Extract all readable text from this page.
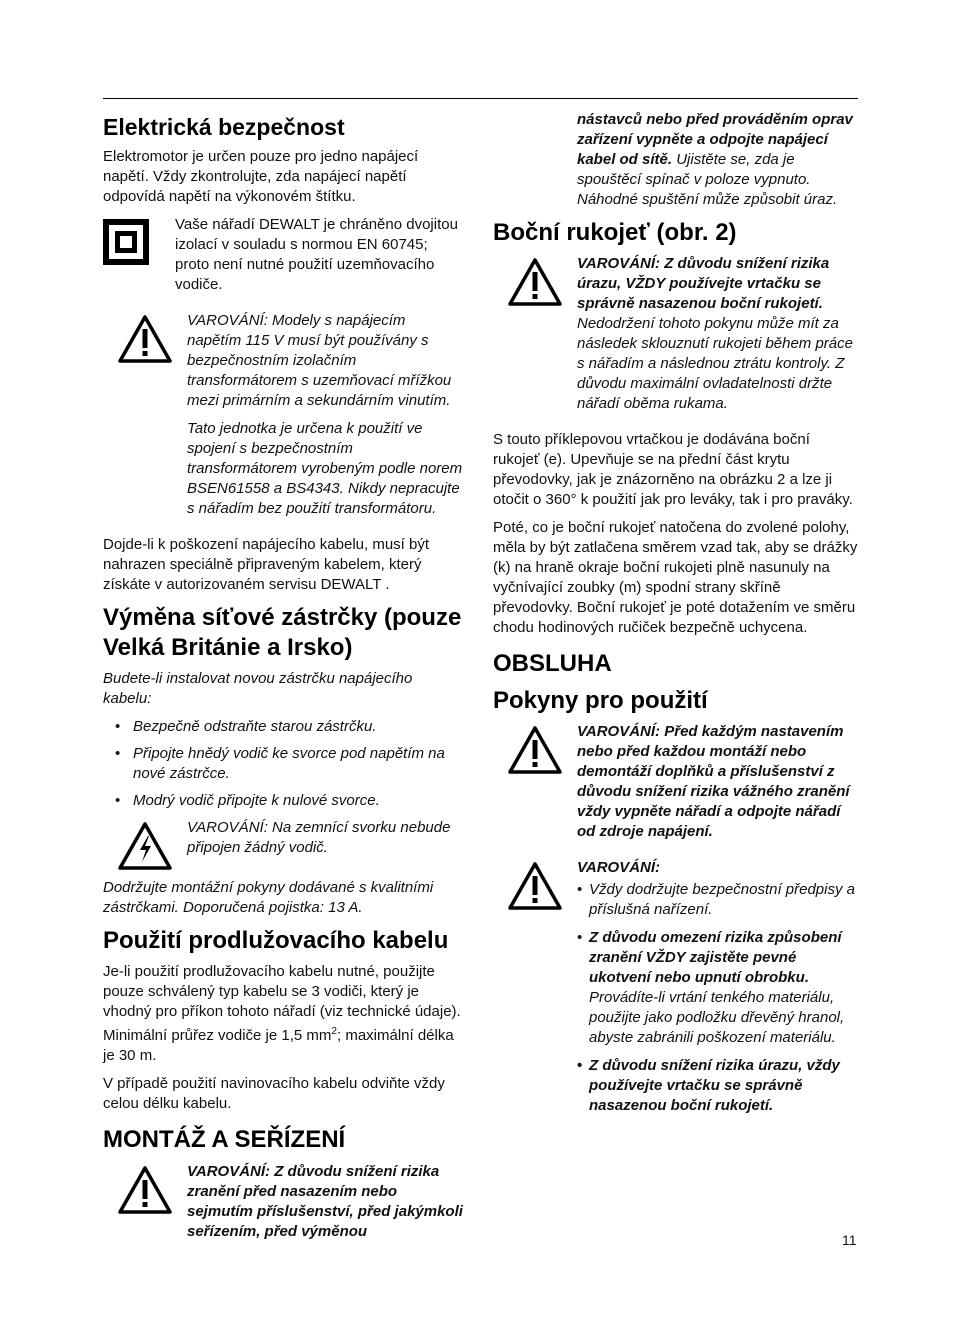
Elektrická bezpečnost

Elektromotor je určen pouze pro jedno napájecí napětí. Vždy zkontrolujte, zda napájecí napětí odpovídá napětí na výkonovém štítku.

Vaše nářadí DEWALT je chráněno dvojitou izolací v souladu s normou EN 60745; proto není nutné použití uzemňovacího vodiče.

VAROVÁNÍ: Modely s napájecím napětím 115 V musí být používány s bezpečnostním izolačním transformátorem s uzemňovací mřížkou mezi primárním a sekundárním vinutím.

Tato jednotka je určena k použití ve spojení s bezpečnostním transformátorem vyrobeným podle norem BSEN61558 a BS4343. Nikdy nepracujte s nářadím bez použití transformátoru.

Dojde-li k poškození napájecího kabelu, musí být nahrazen speciálně připraveným kabelem, který získáte v autorizovaném servisu DEWALT .

Výměna síťové zástrčky (pouze Velká Británie a Irsko)

Budete-li instalovat novou zástrčku napájecího kabelu:

• Bezpečně odstraňte starou zástrčku.
• Připojte hnědý vodič ke svorce pod napětím na nové zástrčce.
• Modrý vodič připojte k nulové svorce.

VAROVÁNÍ: Na zemnící svorku nebude připojen žádný vodič.

Dodržujte montážní pokyny dodávané s kvalitními zástrčkami. Doporučená pojistka: 13 A.

Použití prodlužovacího kabelu

Je-li použití prodlužovacího kabelu nutné, použijte pouze schválený typ kabelu se 3 vodiči, který je vhodný pro příkon tohoto nářadí (viz technické údaje). Minimální průřez vodiče je 1,5 $mm^2$; maximální délka je 30 m.

V případě použití navinovacího kabelu odviňte vždy celou délku kabelu.

MONTÁŽ A SEŘÍZENÍ

VAROVÁNÍ: Z důvodu snížení rizika zranění před nasazením nebo sejmutím příslušenství, před jakýmkoli seřízením, před výměnou

nástavců nebo před prováděním oprav zařízení vypněte a odpojte napájecí kabel od sítě. Ujistěte se, zda je spouštěcí spínač v poloze vypnuto. Náhodné spuštění může způsobit úraz.

Boční rukojeť (obr. 2)

VAROVÁNÍ: Z důvodu snížení rizika úrazu, VŽDY používejte vrtačku se správně nasazenou boční rukojetí. Nedodržení tohoto pokynu může mít za následek sklouznutí rukojeti během práce s nářadím a následnou ztrátu kontroly. Z důvodu maximální ovladatelnosti držte nářadí oběma rukama.

S touto příklepovou vrtačkou je dodávána boční rukojeť (e). Upevňuje se na přední část krytu převodovky, jak je znázorněno na obrázku 2 a lze ji otočit o 360° k použití jak pro leváky, tak i pro praváky.

Poté, co je boční rukojeť natočena do zvolené polohy, měla by být zatlačena směrem vzad tak, aby se drážky (k) na hraně okraje boční rukojeti plně nasunuly na vyčnívající zoubky (m) spodní strany skříně převodovky. Boční rukojeť je poté dotažením ve směru chodu hodinových ručiček bezpečně uchycena.

OBSLUHA
Pokyny pro použití

VAROVÁNÍ: Před každým nastavením nebo před každou montáží nebo demontáží doplňků a příslušenství z důvodu snížení rizika vážného zranění vždy vypněte nářadí a odpojte nářadí od zdroje napájení.

VAROVÁNÍ:

• Vždy dodržujte bezpečnostní předpisy a příslušná nařízení.
• Z důvodu omezení rizika způsobení zranění VŽDY zajistěte pevné ukotvení nebo upnutí obrobku. Provádíte-li vrtání tenkého materiálu, použijte jako podložku dřevěný hranol, abyste zabránili poškození materiálu.
• Z důvodu snížení rizika úrazu, vždy používejte vrtačku se správně nasazenou boční rukojetí.
11
